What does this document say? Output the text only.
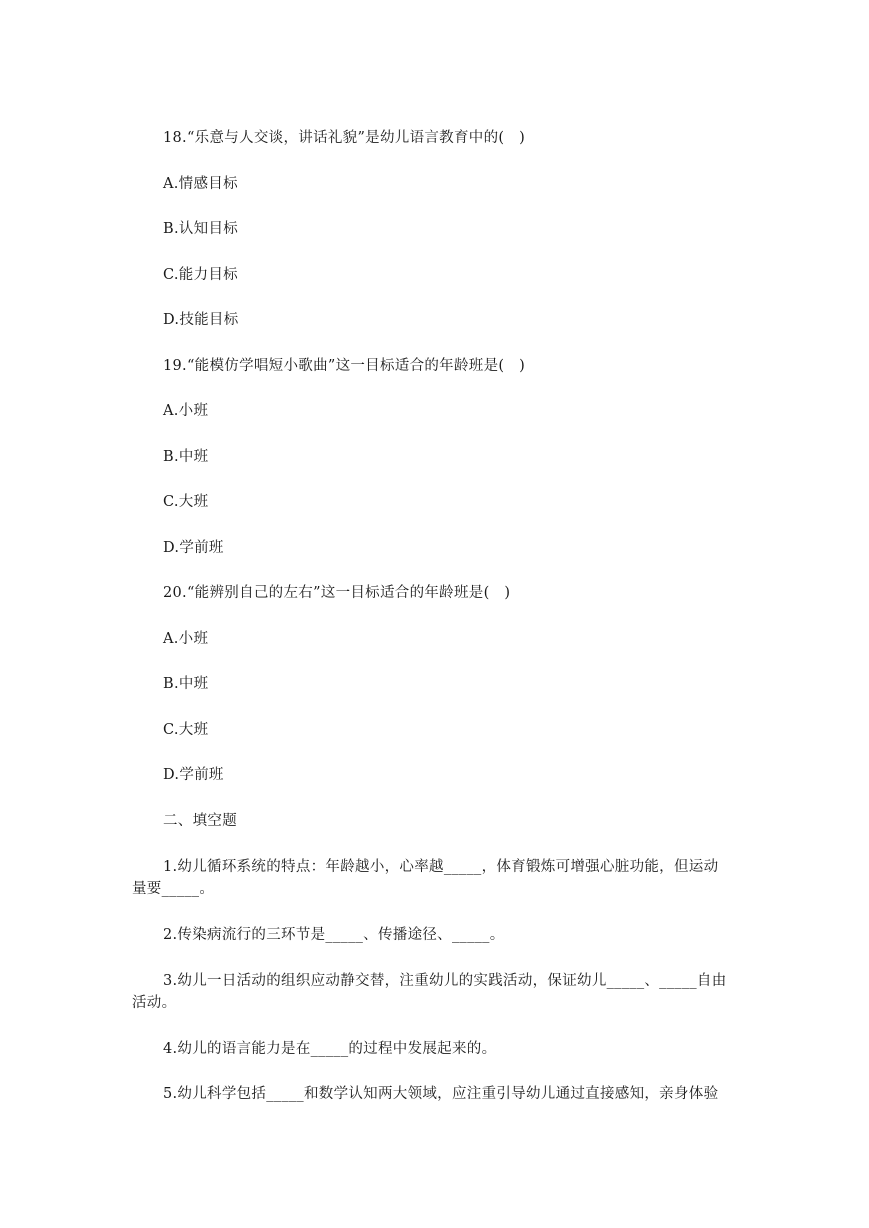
18.“乐意与人交谈，讲话礼貌”是幼儿语言教育中的(　)
A.情感目标
B.认知目标
C.能力目标
D.技能目标
19.“能模仿学唱短小歌曲”这一目标适合的年龄班是(　)
A.小班
B.中班
C.大班
D.学前班
20.“能辨别自己的左右”这一目标适合的年龄班是(　)
A.小班
B.中班
C.大班
D.学前班
二、填空题
1.幼儿循环系统的特点：年龄越小，心率越_____，体育锻炼可增强心脏功能，但运动
量要_____。
2.传染病流行的三环节是_____、传播途径、_____。
3.幼儿一日活动的组织应动静交替，注重幼儿的实践活动，保证幼儿_____、_____自由
活动。
4.幼儿的语言能力是在_____的过程中发展起来的。
5.幼儿科学包括_____和数学认知两大领域，应注重引导幼儿通过直接感知，亲身体验
